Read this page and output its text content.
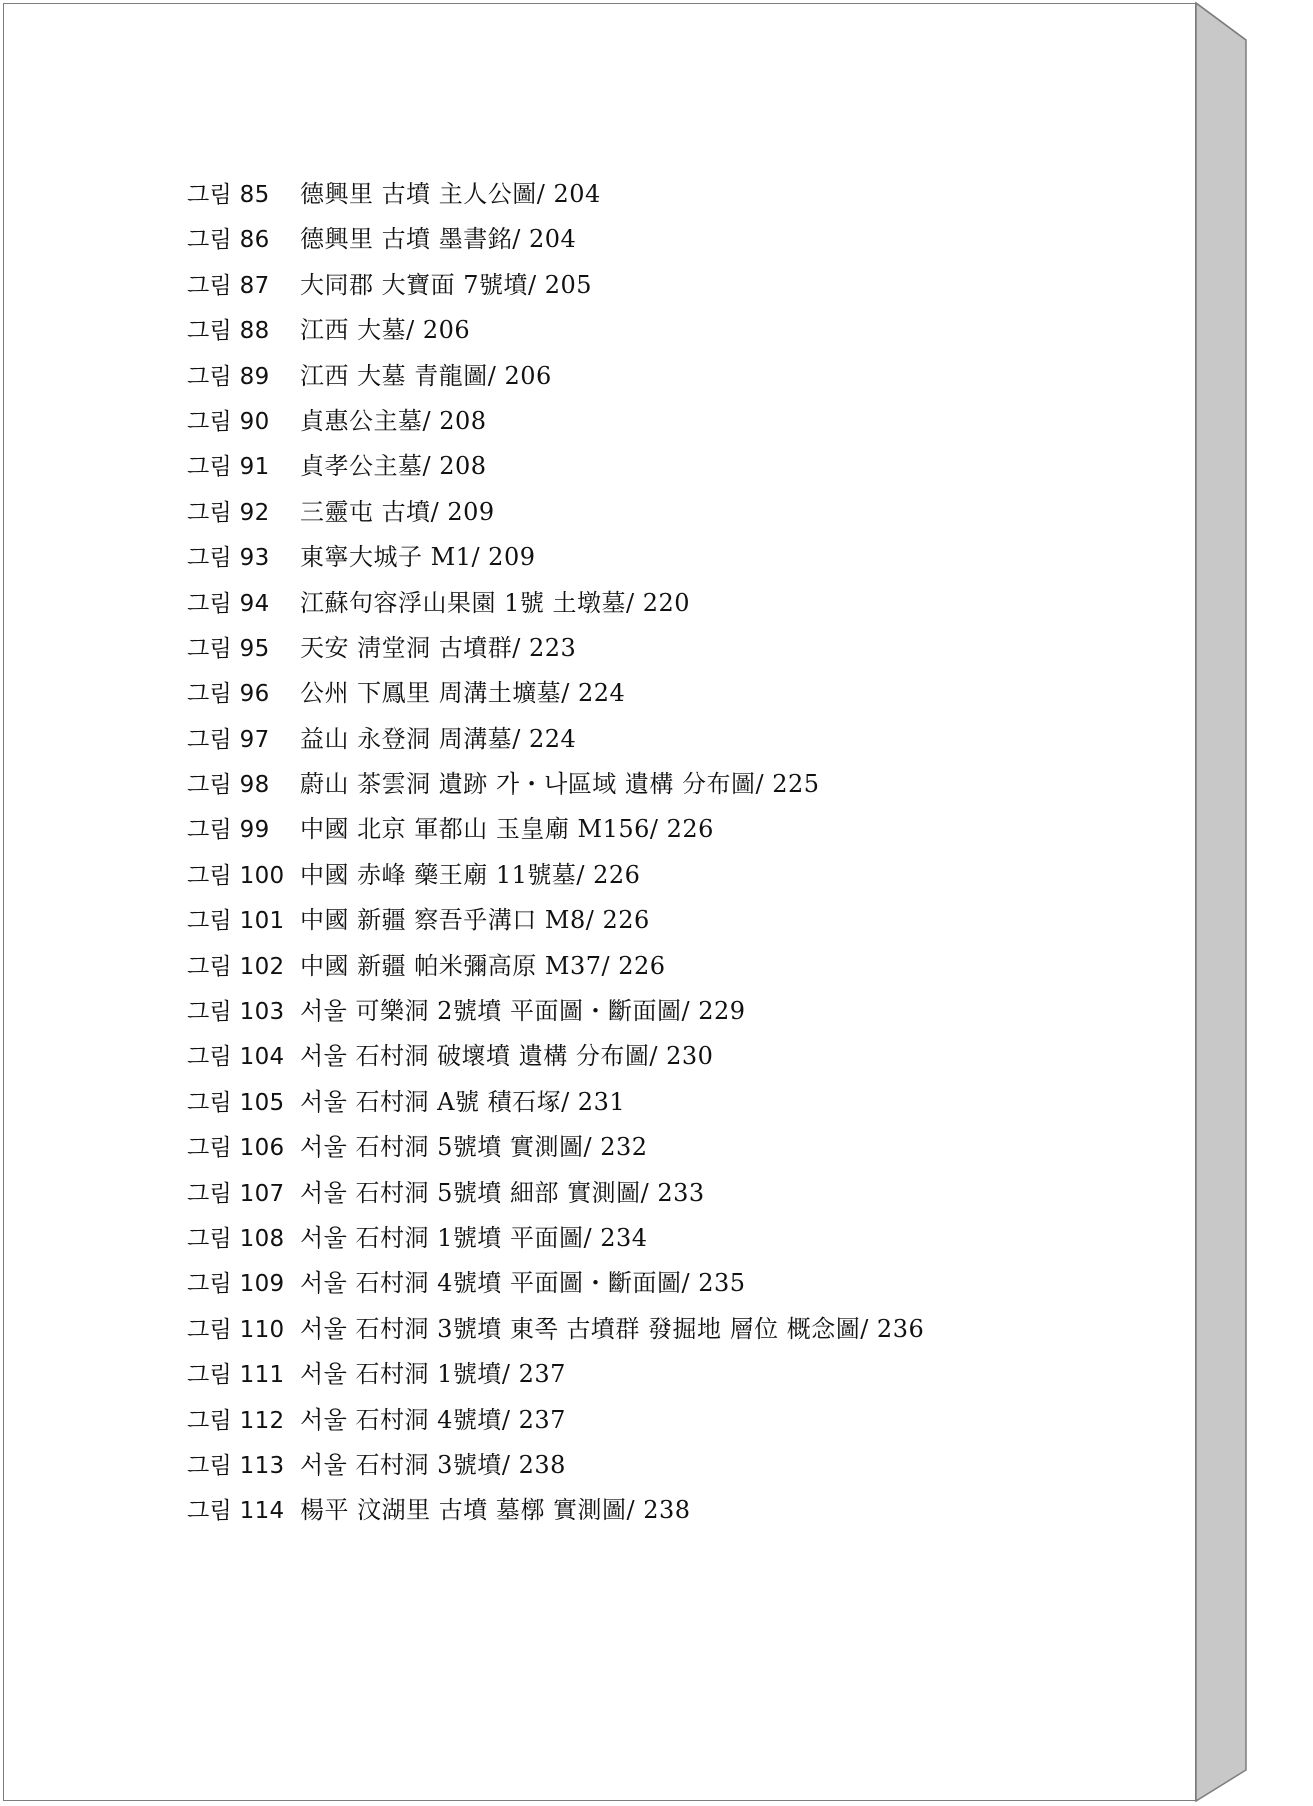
그림 85 德興里 古墳 主人公圖/ 204
그림 86 德興里 古墳 墨書銘/ 204
그림 87 大同郡 大寶面 7號墳/ 205
그림 88 江西 大墓/ 206
그림 89 江西 大墓 青龍圖/ 206
그림 90 貞惠公主墓/ 208
그림 91 貞孝公主墓/ 208
그림 92 三靈屯 古墳/ 209
그림 93 東寧大城子 M1/ 209
그림 94 江蘇句容浮山果園 1號 土墩墓/ 220
그림 95 天安 淸堂洞 古墳群/ 223
그림 96 公州 下鳳里 周溝土壙墓/ 224
그림 97 益山 永登洞 周溝墓/ 224
그림 98 蔚山 茶雲洞 遺跡 가・나區域 遺構 分布圖/ 225
그림 99 中國 北京 軍都山 玉皇廟 M156/ 226
그림 100 中國 赤峰 藥王廟 11號墓/ 226
그림 101 中國 新疆 察吾乎溝口 M8/ 226
그림 102 中國 新疆 帕米彌高原 M37/ 226
그림 103 서울 可樂洞 2號墳 平面圖・斷面圖/ 229
그림 104 서울 石村洞 破壞墳 遺構 分布圖/ 230
그림 105 서울 石村洞 A號 積石塚/ 231
그림 106 서울 石村洞 5號墳 實測圖/ 232
그림 107 서울 石村洞 5號墳 細部 實測圖/ 233
그림 108 서울 石村洞 1號墳 平面圖/ 234
그림 109 서울 石村洞 4號墳 平面圖・斷面圖/ 235
그림 110 서울 石村洞 3號墳 東쪽 古墳群 發掘地 層位 概念圖/ 236
그림 111 서울 石村洞 1號墳/ 237
그림 112 서울 石村洞 4號墳/ 237
그림 113 서울 石村洞 3號墳/ 238
그림 114 楊平 汶湖里 古墳 墓槨 實測圖/ 238
